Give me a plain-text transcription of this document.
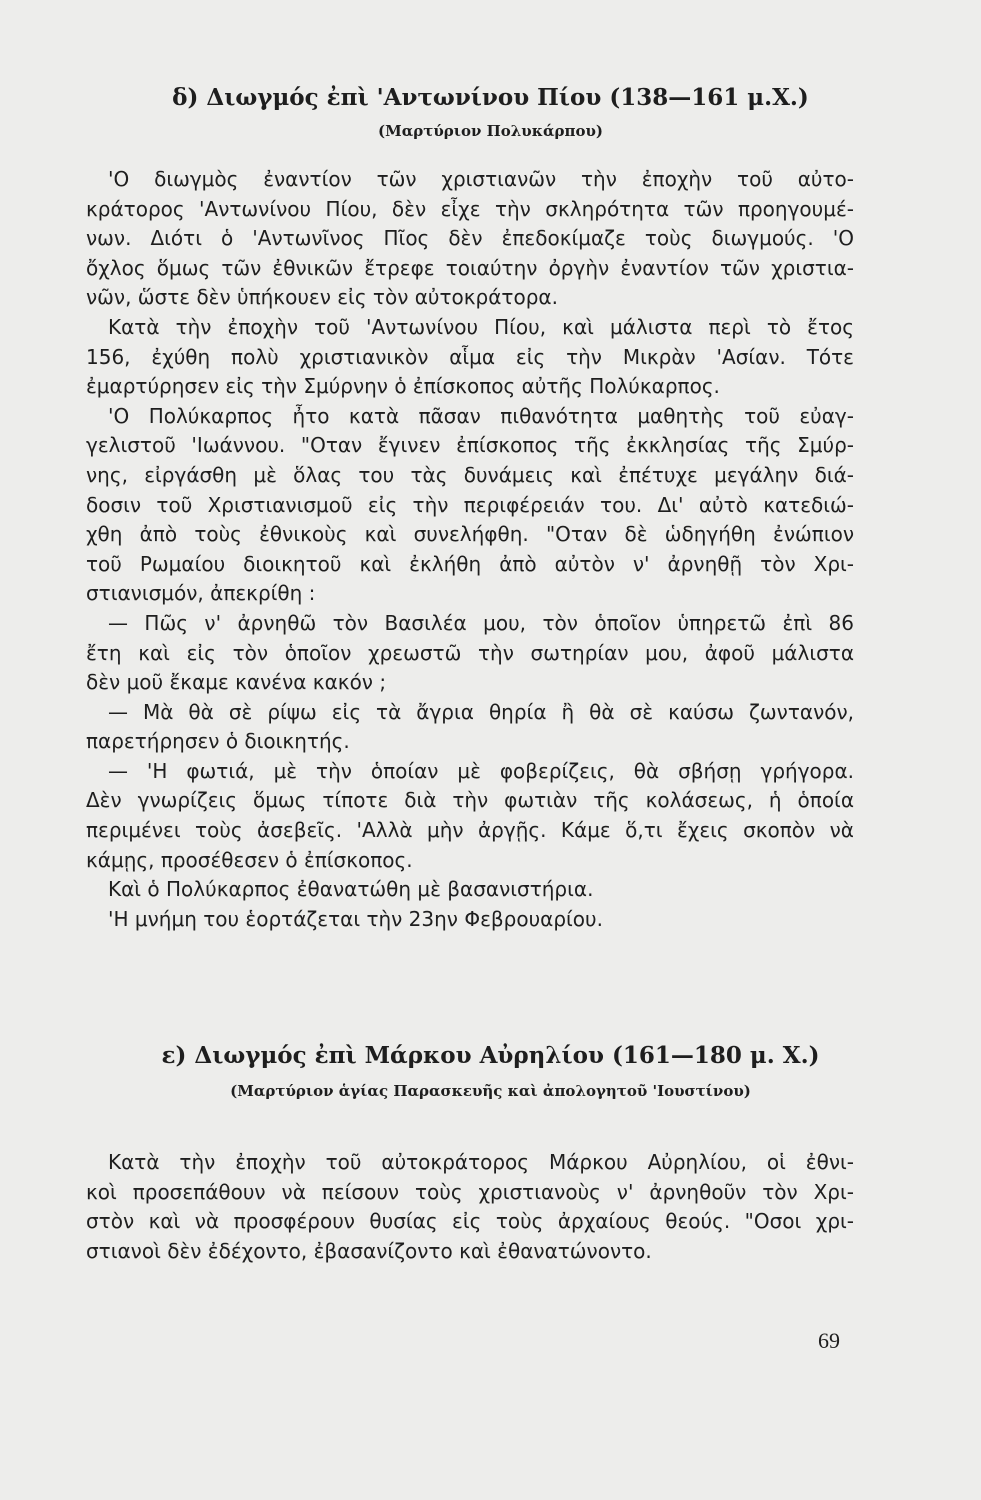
δ) Διωγμός ἐπὶ 'Αντωνίνου Πίου (138—161 μ.Χ.)
(Μαρτύριον Πολυκάρπου)
'Ο διωγμὸς ἐναντίον τῶν χριστιανῶν τὴν ἐποχὴν τοῦ αὐτο-
κράτορος 'Αντωνίνου Πίου, δὲν εἶχε τὴν σκληρότητα τῶν προηγουμέ-
νων. Διότι ὁ 'Αντωνῖνος Πῖος δὲν ἐπεδοκίμαζε τοὺς διωγμούς. 'Ο
ὄχλος ὅμως τῶν ἐθνικῶν ἔτρεφε τοιαύτην ὀργὴν ἐναντίον τῶν χριστια-
νῶν, ὥστε δὲν ὑπήκουεν εἰς τὸν αὐτοκράτορα.
Κατὰ τὴν ἐποχὴν τοῦ 'Αντωνίνου Πίου, καὶ μάλιστα περὶ τὸ ἔτος
156, ἐχύθη πολὺ χριστιανικὸν αἷμα εἰς τὴν Μικρὰν 'Ασίαν. Τότε
ἐμαρτύρησεν εἰς τὴν Σμύρνην ὁ ἐπίσκοπος αὐτῆς Πολύκαρπος.
'Ο Πολύκαρπος ἦτο κατὰ πᾶσαν πιθανότητα μαθητὴς τοῦ εὐαγ-
γελιστοῦ 'Ιωάννου. "Οταν ἔγινεν ἐπίσκοπος τῆς ἐκκλησίας τῆς Σμύρ-
νης, εἰργάσθη μὲ ὅλας του τὰς δυνάμεις καὶ ἐπέτυχε μεγάλην διά-
δοσιν τοῦ Χριστιανισμοῦ εἰς τὴν περιφέρειάν του. Δι' αὐτὸ κατεδιώ-
χθη ἀπὸ τοὺς ἐθνικοὺς καὶ συνελήφθη. "Οταν δὲ ὡδηγήθη ἐνώπιον
τοῦ Ρωμαίου διοικητοῦ καὶ ἐκλήθη ἀπὸ αὐτὸν ν' ἀρνηθῇ τὸν Χρι-
στιανισμόν, ἀπεκρίθη :
— Πῶς ν' ἀρνηθῶ τὸν Βασιλέα μου, τὸν ὁποῖον ὑπηρετῶ ἐπὶ 86
ἔτη καὶ εἰς τὸν ὁποῖον χρεωστῶ τὴν σωτηρίαν μου, ἀφοῦ μάλιστα
δὲν μοῦ ἔκαμε κανένα κακόν ;
— Μὰ θὰ σὲ ρίψω εἰς τὰ ἄγρια θηρία ἢ θὰ σὲ καύσω ζωντανόν,
παρετήρησεν ὁ διοικητής.
— 'Η φωτιά, μὲ τὴν ὁποίαν μὲ φοβερίζεις, θὰ σβήσῃ γρήγορα.
Δὲν γνωρίζεις ὅμως τίποτε διὰ τὴν φωτιὰν τῆς κολάσεως, ἡ ὁποία
περιμένει τοὺς ἀσεβεῖς. 'Αλλὰ μὴν ἀργῇς. Κάμε ὅ,τι ἔχεις σκοπὸν νὰ
κάμῃς, προσέθεσεν ὁ ἐπίσκοπος.
Καὶ ὁ Πολύκαρπος ἐθανατώθη μὲ βασανιστήρια.
'Η μνήμη του ἑορτάζεται τὴν 23ην Φεβρουαρίου.
ε) Διωγμός ἐπὶ Μάρκου Αὐρηλίου (161—180 μ. Χ.)
(Μαρτύριον ἁγίας Παρασκευῆς καὶ ἀπολογητοῦ 'Ιουστίνου)
Κατὰ τὴν ἐποχὴν τοῦ αὐτοκράτορος Μάρκου Αὐρηλίου, οἱ ἐθνι-
κοὶ προσεπάθουν νὰ πείσουν τοὺς χριστιανοὺς ν' ἀρνηθοῦν τὸν Χρι-
στὸν καὶ νὰ προσφέρουν θυσίας εἰς τοὺς ἀρχαίους θεούς. "Οσοι χρι-
στιανοὶ δὲν ἐδέχοντο, ἐβασανίζοντο καὶ ἐθανατώνοντο.
69
